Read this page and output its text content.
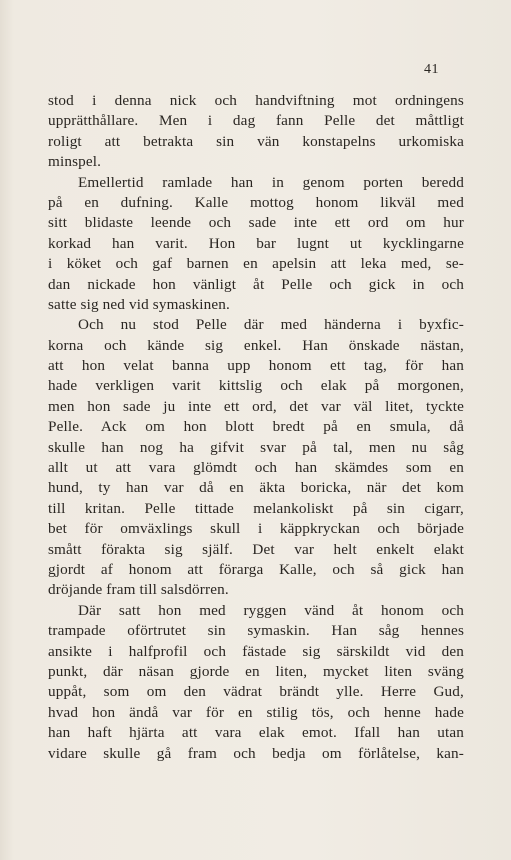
41
stod i denna nick och handviftning mot ordningens
upprätthållare. Men i dag fann Pelle det måttligt
roligt att betrakta sin vän konstapelns urkomiska
minspel.
Emellertid ramlade han in genom porten beredd
på en dufning. Kalle mottog honom likväl med
sitt blidaste leende och sade inte ett ord om hur
korkad han varit. Hon bar lugnt ut kycklingarne
i köket och gaf barnen en apelsin att leka med, se-
dan nickade hon vänligt åt Pelle och gick in och
satte sig ned vid symaskinen.
Och nu stod Pelle där med händerna i byxfic-
korna och kände sig enkel. Han önskade nästan,
att hon velat banna upp honom ett tag, för han
hade verkligen varit kittslig och elak på morgonen,
men hon sade ju inte ett ord, det var väl litet, tyckte
Pelle. Ack om hon blott bredt på en smula, då
skulle han nog ha gifvit svar på tal, men nu såg
allt ut att vara glömdt och han skämdes som en
hund, ty han var då en äkta boricka, när det kom
till kritan. Pelle tittade melankoliskt på sin cigarr,
bet för omväxlings skull i käppkryckan och började
smått förakta sig själf. Det var helt enkelt elakt
gjordt af honom att förarga Kalle, och så gick han
dröjande fram till salsdörren.
Där satt hon med ryggen vänd åt honom och
trampade oförtrutet sin symaskin. Han såg hennes
ansikte i halfprofil och fästade sig särskildt vid den
punkt, där näsan gjorde en liten, mycket liten sväng
uppåt, som om den vädrat brändt ylle. Herre Gud,
hvad hon ändå var för en stilig tös, och henne hade
han haft hjärta att vara elak emot. Ifall han utan
vidare skulle gå fram och bedja om förlåtelse, kan-
